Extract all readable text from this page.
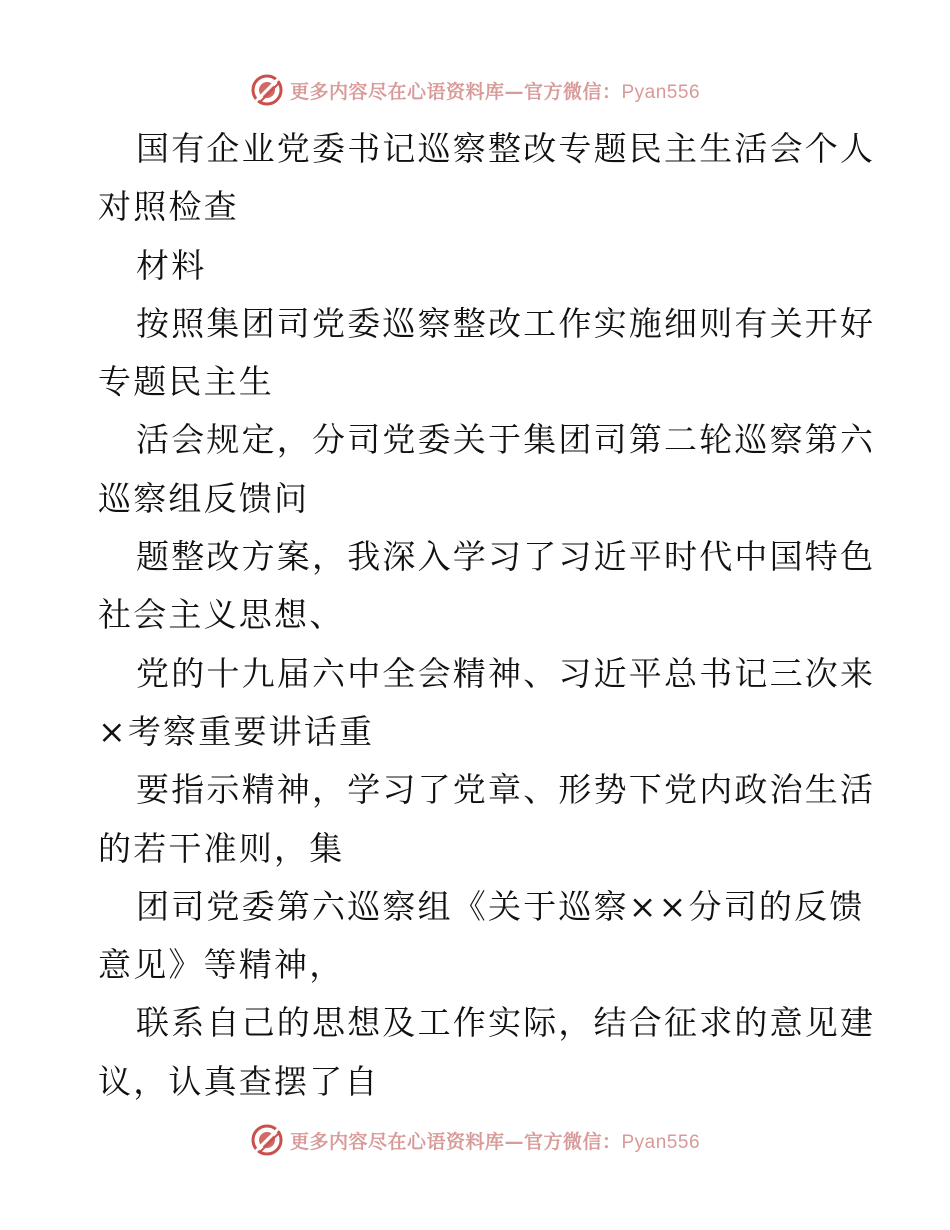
更多内容尽在心语资料库—官方微信：Pyan556
国有企业党委书记巡察整改专题民主生活会个人
对照检查
材料
按照集团司党委巡察整改工作实施细则有关开好
专题民主生
活会规定，分司党委关于集团司第二轮巡察第六
巡察组反馈问
题整改方案，我深入学习了习近平时代中国特色
社会主义思想、
党的十九届六中全会精神、习近平总书记三次来
×考察重要讲话重
要指示精神，学习了党章、形势下党内政治生活
的若干准则，集
团司党委第六巡察组《关于巡察××分司的反馈
意见》等精神，
联系自己的思想及工作实际，结合征求的意见建
议，认真查摆了自
更多内容尽在心语资料库—官方微信：Pyan556
